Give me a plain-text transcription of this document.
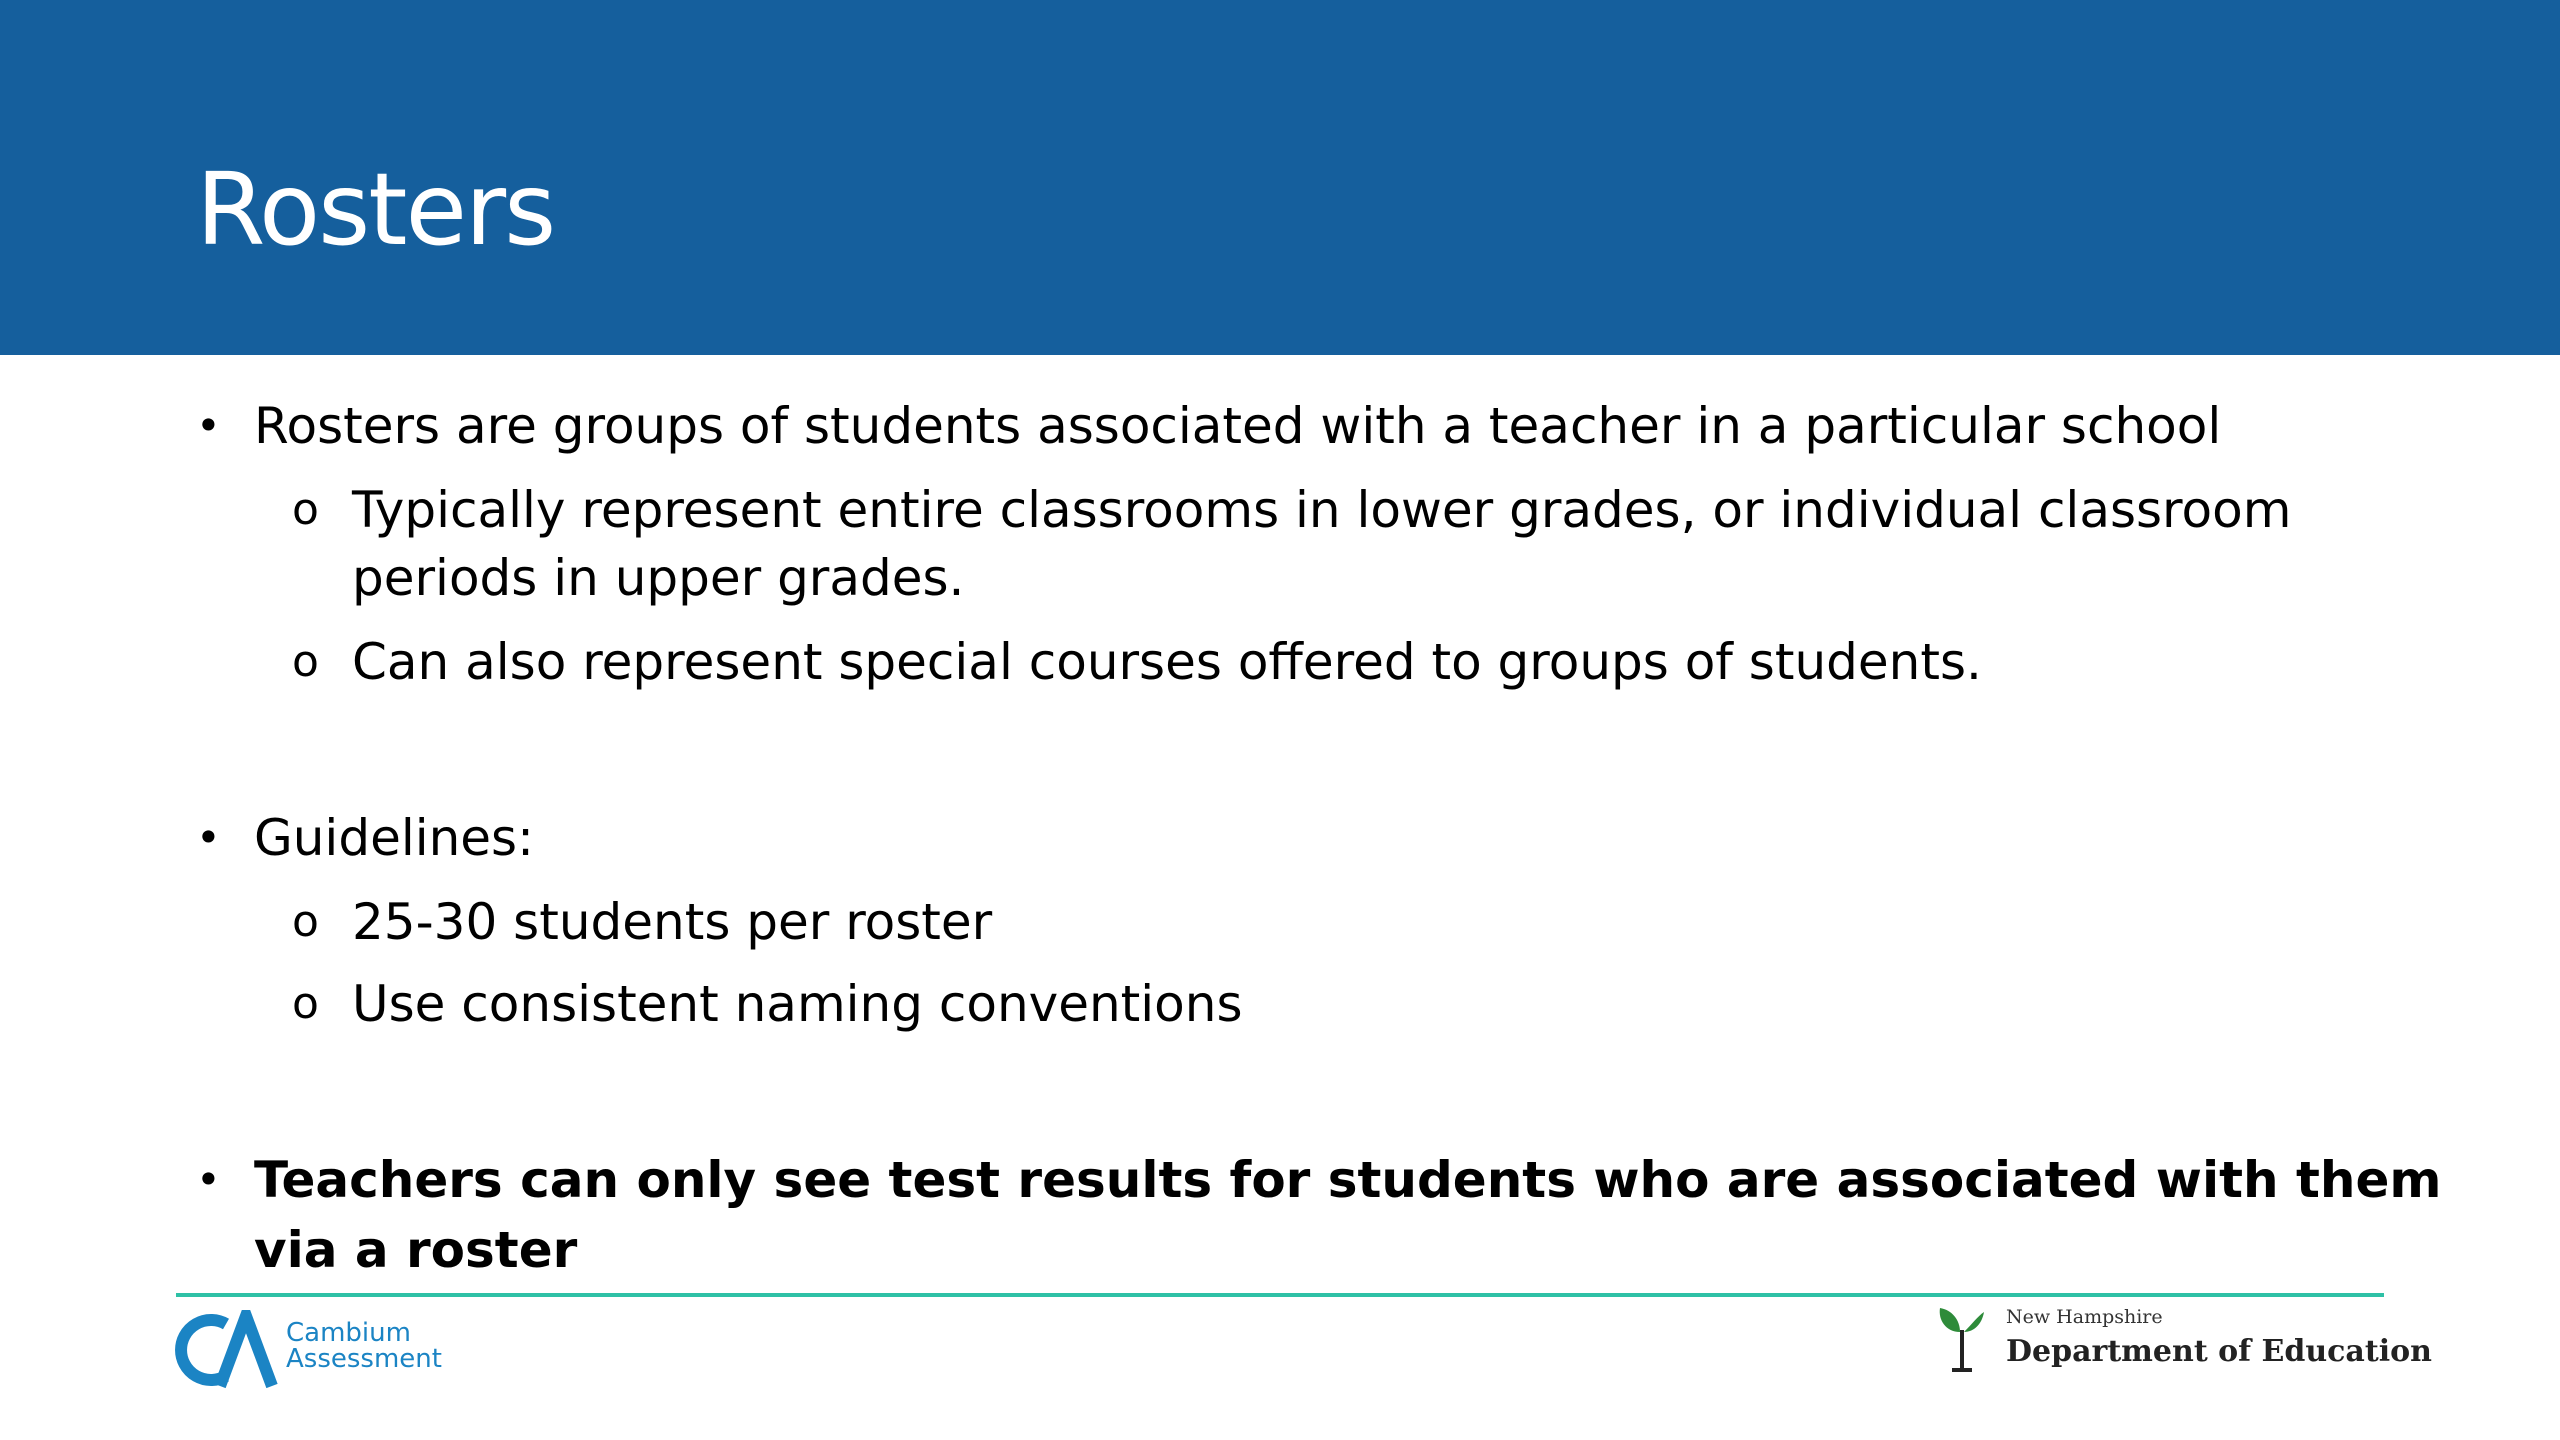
Rosters
• Rosters are groups of students associated with a teacher in a particular school
o Typically represent entire classrooms in lower grades, or individual classroom
periods in upper grades.
o Can also represent special courses offered to groups of students.
• Guidelines:
o 25-30 students per roster
o Use consistent naming conventions
• Teachers can only see test results for students who are associated with them
via a roster
Cambium
Assessment
New Hampshire
Department of Education
